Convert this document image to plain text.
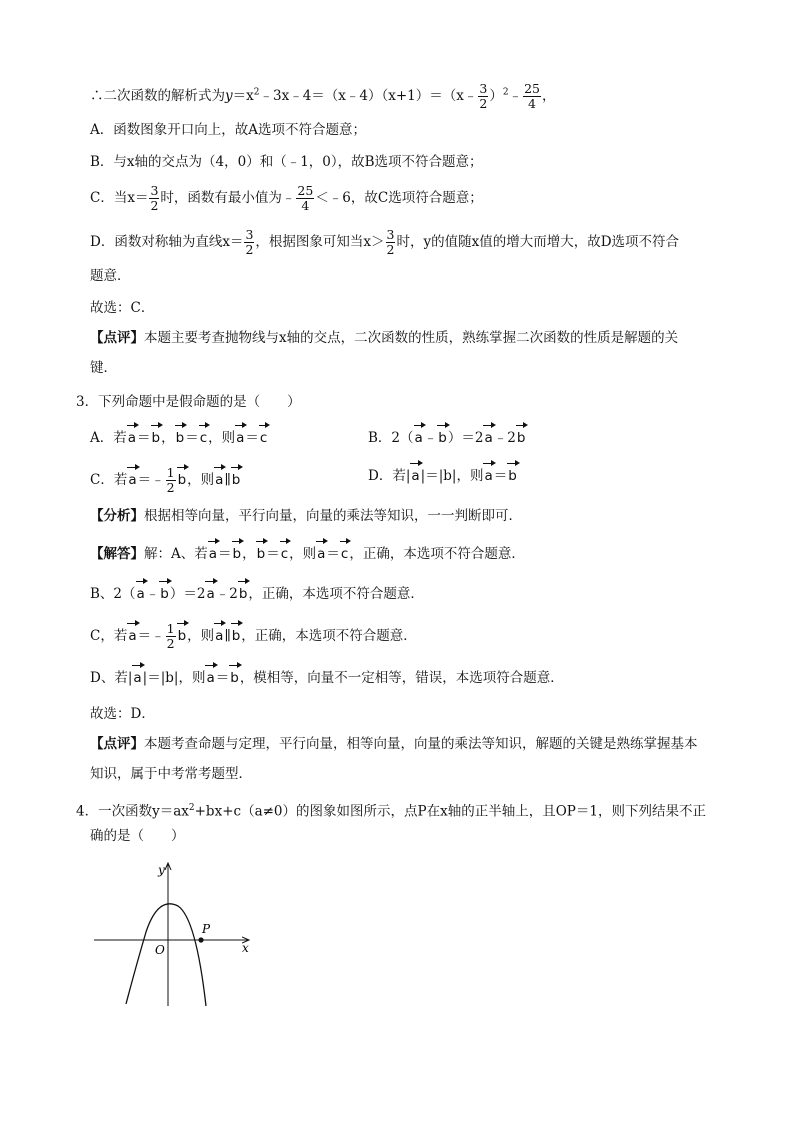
∴二次函数的解析式为$y=x^2﹣3x﹣4=(x﹣4)(x+1)=(x﹣ \frac{3}{2}$ ）$^2$﹣ $\frac{25}{4}$ ，
A．函数图象开口向上，故A选项不符合题意；
B．与x轴的交点为（4，0）和（﹣1，0），故B选项不符合题意；
C．当$x= \frac{3}{2}$ 时，函数有最小值为﹣ $\frac{25}{4}$ ＜﹣6，故C选项符合题意；
D．函数对称轴为直线$x= \frac{3}{2}$ ，根据图象可知当$x> \frac{3}{2}$ 时，y的值随x值的增大而增大，故D选项不符合
题意．
故选：C．
【点评】本题主要考查抛物线与x轴的交点，二次函数的性质，熟练掌握二次函数的性质是解题的关
键．
3．下列命题中是假命题的是（　　）
A．若a＝b，b＝c，则a＝c	B．2（a﹣b）＝2a﹣2b
C．若a＝﹣ $\frac{1}{2}$ b，则a∥b	D．若|a|＝|b|，则a＝b
【分析】根据相等向量，平行向量，向量的乘法等知识，一一判断即可．
【解答】解：A、若a＝b，b＝c，则a＝c，正确，本选项不符合题意．
B、2（a﹣b）＝2a﹣2b，正确，本选项不符合题意．
C，若a＝﹣ $\frac{1}{2}$ b，则a∥b，正确，本选项不符合题意．
D、若|a|＝|b|，则a＝b，模相等，向量不一定相等，错误，本选项符合题意．
故选：D．
【点评】本题考查命题与定理，平行向量，相等向量，向量的乘法等知识，解题的关键是熟练掌握基本
知识，属于中考常考题型．
4．一次函数$y=ax^2+bx+c(a\ne 0)$的图象如图所示，点P在x轴的正半轴上，且OP＝1，则下列结果不正
确的是（　　）
y
x
O
P
